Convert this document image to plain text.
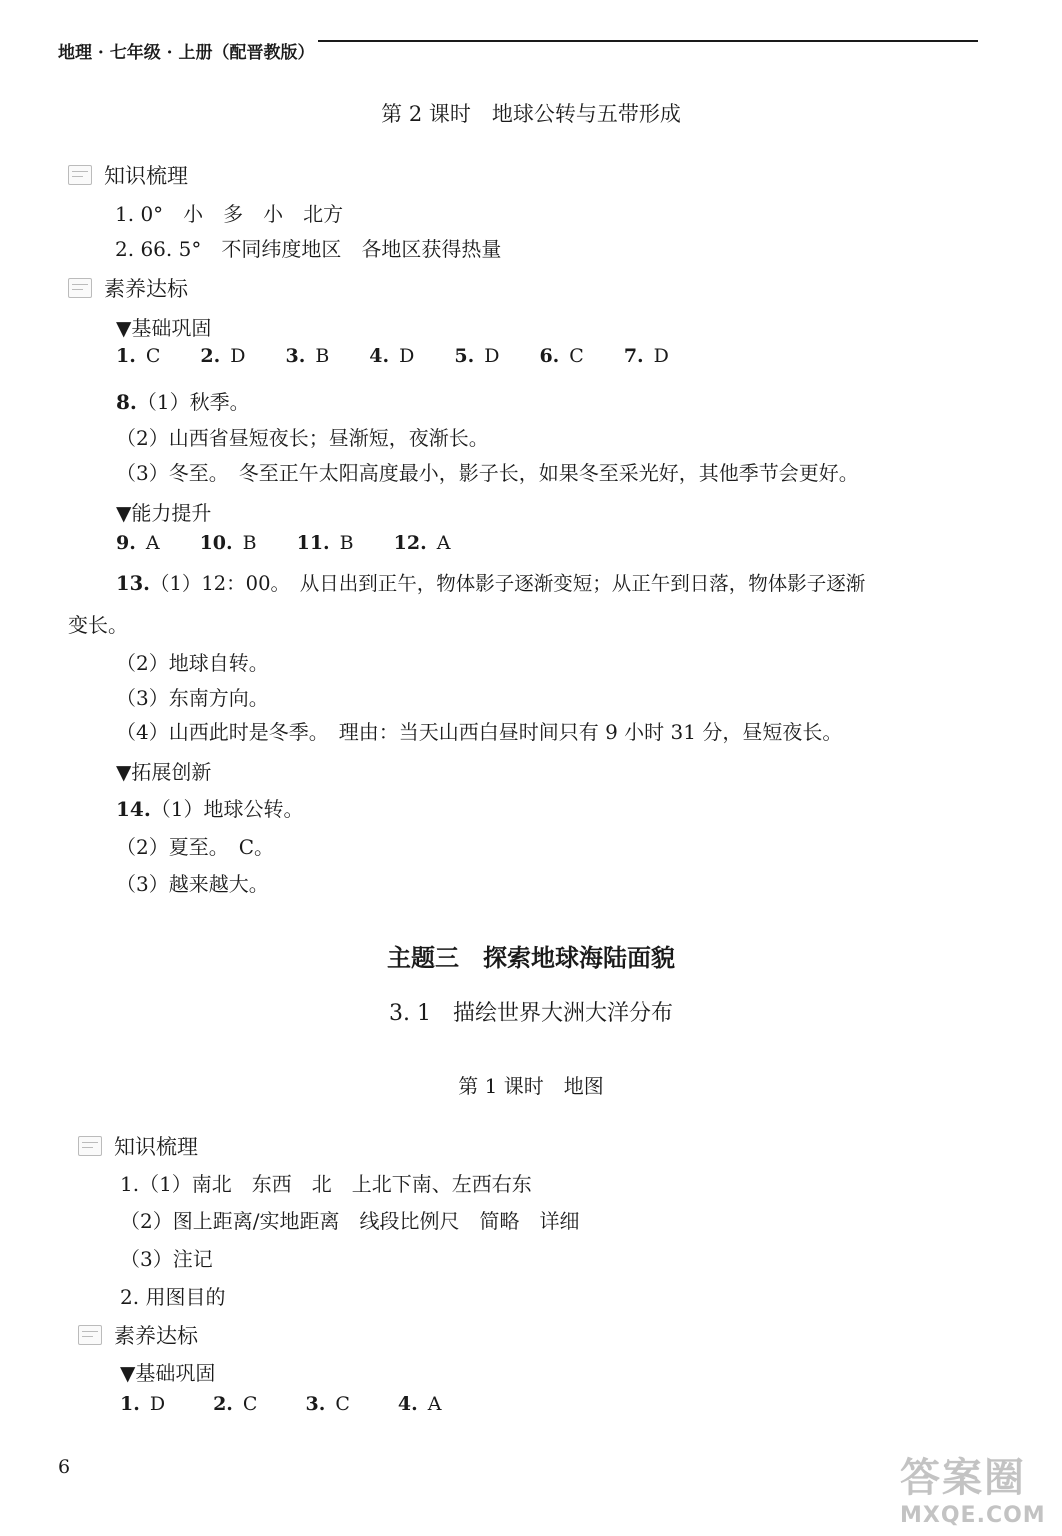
地理 · 七年级 · 上册（配晋教版）
第 2 课时　地球公转与五带形成
知识梳理
1. 0°　小　多　小　北方
2. 66. 5°　不同纬度地区　各地区获得热量
素养达标
▼基础巩固
1. C 2. D 3. B 4. D 5. D 6. C 7. D
8.（1）秋季。
（2）山西省昼短夜长；昼渐短，夜渐长。
（3）冬至。　冬至正午太阳高度最小，影子长，如果冬至采光好，其他季节会更好。
▼能力提升
9. A 10. B 11. B 12. A
13.（1）12：00。　从日出到正午，物体影子逐渐变短；从正午到日落，物体影子逐渐
变长。
（2）地球自转。
（3）东南方向。
（4）山西此时是冬季。　理由：当天山西白昼时间只有 9 小时 31 分，昼短夜长。
▼拓展创新
14.（1）地球公转。
（2）夏至。　C。
（3）越来越大。
主题三　探索地球海陆面貌
3. 1　描绘世界大洲大洋分布
第 1 课时　地图
知识梳理
1.（1）南北　东西　北　上北下南、左西右东
（2）图上距离/实地距离　线段比例尺　简略　详细
（3）注记
2. 用图目的
素养达标
▼基础巩固
1. D	2. C	3. C	4. A
6	答案圈
MXQE.COM
